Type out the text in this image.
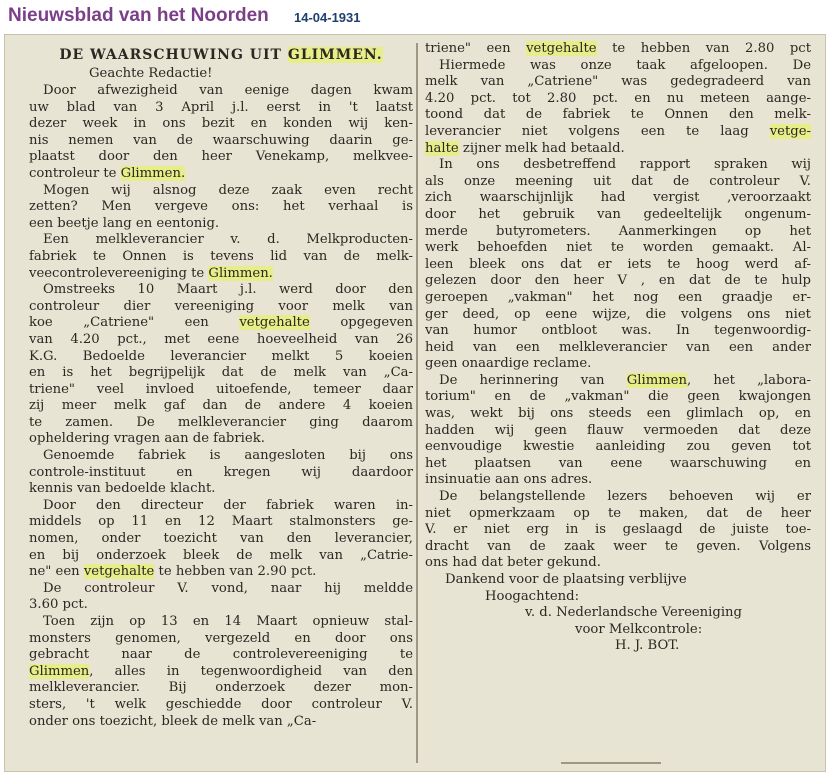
Nieuwsblad van het Noorden 14-04-1931
DE WAARSCHUWING UIT GLIMMEN.
Geachte Redactie!
Door afwezigheid van eenige dagen kwam
uw blad van 3 April j.l. eerst in 't laatst
dezer week in ons bezit en konden wij ken-
nis nemen van de waarschuwing daarin ge-
plaatst door den heer Venekamp, melkvee-
controleur te Glimmen.
Mogen wij alsnog deze zaak even recht
zetten? Men vergeve ons: het verhaal is
een beetje lang en eentonig.
Een melkleverancier v. d. Melkproducten-
fabriek te Onnen is tevens lid van de melk-
veecontrolevereeniging te Glimmen.
Omstreeks 10 Maart j.l. werd door den
controleur dier vereeniging voor melk van
koe „Catriene" een vetgehalte opgegeven
van 4.20 pct., met eene hoeveelheid van 26
K.G. Bedoelde leverancier melkt 5 koeien
en is het begrijpelijk dat de melk van „Ca-
triene" veel invloed uitoefende, temeer daar
zij meer melk gaf dan de andere 4 koeien
te zamen. De melkleverancier ging daarom
opheldering vragen aan de fabriek.
Genoemde fabriek is aangesloten bij ons
controle-instituut en kregen wij daardoor
kennis van bedoelde klacht.
Door den directeur der fabriek waren in-
middels op 11 en 12 Maart stalmonsters ge-
nomen, onder toezicht van den leverancier,
en bij onderzoek bleek de melk van „Catrie-
ne" een vetgehalte te hebben van 2.90 pct.
De controleur V. vond, naar hij meldde
3.60 pct.
Toen zijn op 13 en 14 Maart opnieuw stal-
monsters genomen, vergezeld en door ons
gebracht naar de controlevereeniging te
Glimmen, alles in tegenwoordigheid van den
melkleverancier. Bij onderzoek dezer mon-
sters, 't welk geschiedde door controleur V.
onder ons toezicht, bleek de melk van „Ca-
triene" een vetgehalte te hebben van 2.80 pct
Hiermede was onze taak afgeloopen. De
melk van „Catriene" was gedegradeerd van
4.20 pct. tot 2.80 pct. en nu meteen aange-
toond dat de fabriek te Onnen den melk-
leverancier niet volgens een te laag vetge-
halte zijner melk had betaald.
In ons desbetreffend rapport spraken wij
als onze meening uit dat de controleur V.
zich waarschijnlijk had vergist ,veroorzaakt
door het gebruik van gedeeltelijk ongenum-
merde butyrometers. Aanmerkingen op het
werk behoefden niet te worden gemaakt. Al-
leen bleek ons dat er iets te hoog werd af-
gelezen door den heer V , en dat de te hulp
geroepen „vakman" het nog een graadje er-
ger deed, op eene wijze, die volgens ons niet
van humor ontbloot was. In tegenwoordig-
heid van een melkleverancier van een ander
geen onaardige reclame.
De herinnering van Glimmen, het „labora-
torium" en de „vakman" die geen kwajongen
was, wekt bij ons steeds een glimlach op, en
hadden wij geen flauw vermoeden dat deze
eenvoudige kwestie aanleiding zou geven tot
het plaatsen van eene waarschuwing en
insinuatie aan ons adres.
De belangstellende lezers behoeven wij er
niet opmerkzaam op te maken, dat de heer
V. er niet erg in is geslaagd de juiste toe-
dracht van de zaak weer te geven. Volgens
ons had dat beter gekund.
Dankend voor de plaatsing verblijve
Hoogachtend:
v. d. Nederlandsche Vereeniging
voor Melkcontrole:
H. J. BOT.
